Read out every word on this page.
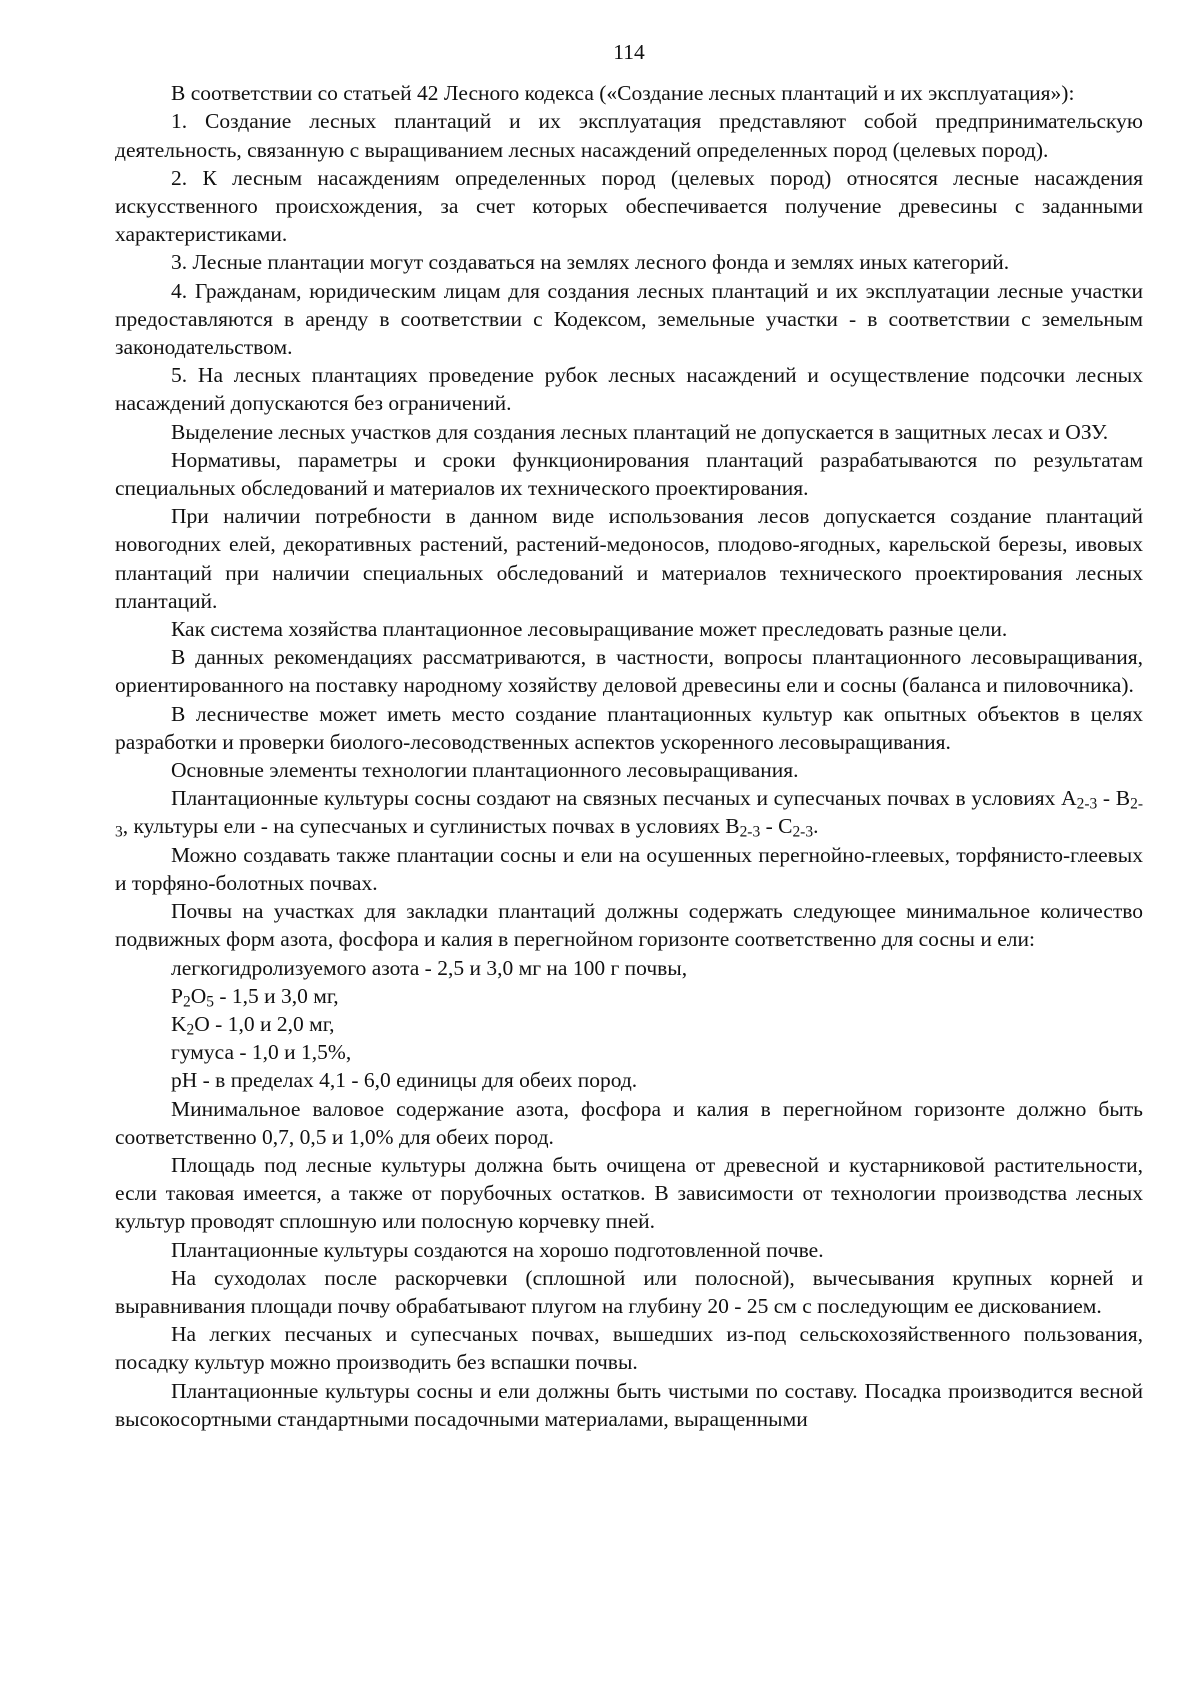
114

В соответствии со статьей 42 Лесного кодекса («Создание лесных плантаций и их эксплуатация»):

1. Создание лесных плантаций и их эксплуатация представляют собой предпринимательскую деятельность, связанную с выращиванием лесных насаждений определенных пород (целевых пород).

2. К лесным насаждениям определенных пород (целевых пород) относятся лесные насаждения искусственного происхождения, за счет которых обеспечивается получение древесины с заданными характеристиками.

3. Лесные плантации могут создаваться на землях лесного фонда и землях иных категорий.

4. Гражданам, юридическим лицам для создания лесных плантаций и их эксплуатации лесные участки предоставляются в аренду в соответствии с Кодексом, земельные участки - в соответствии с земельным законодательством.

5. На лесных плантациях проведение рубок лесных насаждений и осуществление подсочки лесных насаждений допускаются без ограничений.

Выделение лесных участков для создания лесных плантаций не допускается в защитных лесах и ОЗУ.

Нормативы, параметры и сроки функционирования плантаций разрабатываются по результатам специальных обследований и материалов их технического проектирования.

При наличии потребности в данном виде использования лесов допускается создание плантаций новогодних елей, декоративных растений, растений-медоносов, плодово-ягодных, карельской березы, ивовых плантаций при наличии специальных обследований и материалов технического проектирования лесных плантаций.

Как система хозяйства плантационное лесовыращивание может преследовать разные цели.

В данных рекомендациях рассматриваются, в частности, вопросы плантационного лесовыращивания, ориентированного на поставку народному хозяйству деловой древесины ели и сосны (баланса и пиловочника).

В лесничестве может иметь место создание плантационных культур как опытных объектов в целях разработки и проверки биолого-лесоводственных аспектов ускоренного лесовыращивания.

Основные элементы технологии плантационного лесовыращивания.

Плантационные культуры сосны создают на связных песчаных и супесчаных почвах в условиях $A_{2-3} - B_{2-3}$, культуры ели - на супесчаных и суглинистых почвах в условиях $B_{2-3} - C_{2-3}$.

Можно создавать также плантации сосны и ели на осушенных перегнойно-глеевых, торфянисто-глеевых и торфяно-болотных почвах.

Почвы на участках для закладки плантаций должны содержать следующее минимальное количество подвижных форм азота, фосфора и калия в перегнойном горизонте соответственно для сосны и ели:

легкогидролизуемого азота - 2,5 и 3,0 мг на 100 г почвы,

$P_2O_5 - 1,5$ и 3,0 мг,

$K_2O - 1,0$ и 2,0 мг,

гумуса - 1,0 и 1,5%,

pH - в пределах 4,1 - 6,0 единицы для обеих пород.

Минимальное валовое содержание азота, фосфора и калия в перегнойном горизонте должно быть соответственно 0,7, 0,5 и 1,0% для обеих пород.

Площадь под лесные культуры должна быть очищена от древесной и кустарниковой растительности, если таковая имеется, а также от порубочных остатков. В зависимости от технологии производства лесных культур проводят сплошную или полосную корчевку пней.

Плантационные культуры создаются на хорошо подготовленной почве.

На суходолах после раскорчевки (сплошной или полосной), вычесывания крупных корней и выравнивания площади почву обрабатывают плугом на глубину 20 - 25 см с последующим ее дискованием.

На легких песчаных и супесчаных почвах, вышедших из-под сельскохозяйственного пользования, посадку культур можно производить без вспашки почвы.

Плантационные культуры сосны и ели должны быть чистыми по составу. Посадка производится весной высокосортными стандартными посадочными материалами, выращенными
